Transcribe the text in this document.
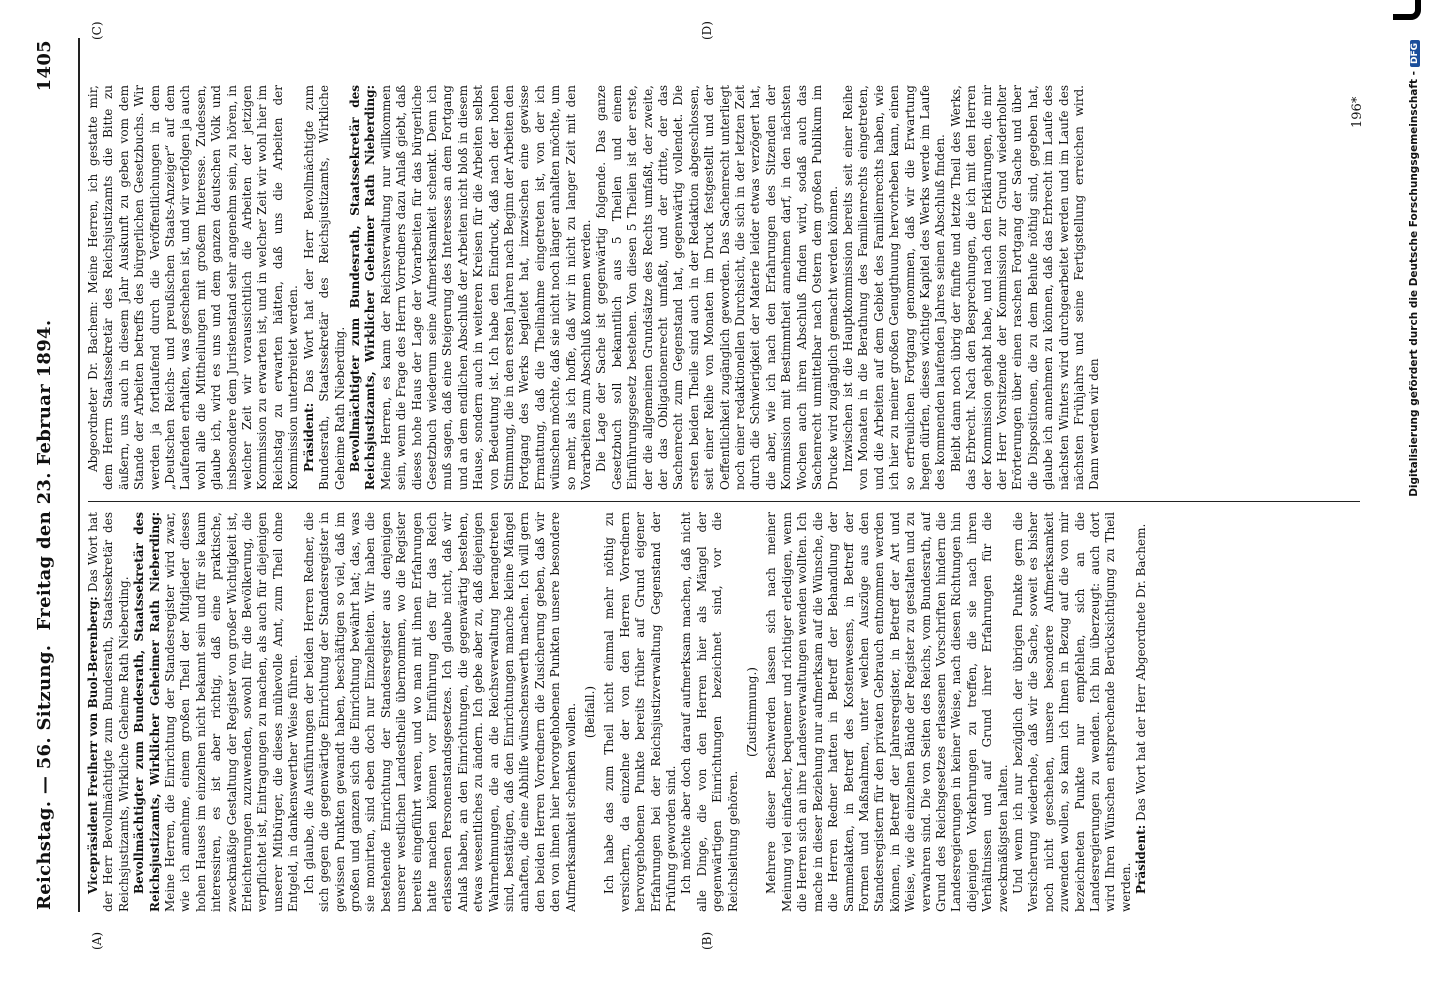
Reichstag. — 56. Sitzung.
Freitag den 23. Februar 1894.
1405
(A)	(B)
(C)	(D)

Vicepräsident Freiherr von Buol-Berenberg: Das Wort hat der Herr Bevollmächtigte zum Bundesrath, Staatssekretär des Reichsjustizamts, Wirkliche Geheime Rath Nieberding. Bevollmächtigter zum Bundesrath, Staatssekretär des Reichsjustizamts, Wirklicher Geheimer Rath Nieberding: Meine Herren, die Einrichtung der Standesregister wird zwar, wie ich annehme, einem großen Theil der Mitglieder dieses hohen Hauses im einzelnen nicht bekannt sein und für sie kaum interessiren, es ist aber richtig, daß eine praktische, zweckmäßige Gestaltung der Register von großer Wichtigkeit ist, Erleichterungen zuzuwenden, sowohl für die Bevölkerung, die verpflichtet ist, Eintragungen zu machen, als auch für diejenigen unserer Mitbürger, die dieses mühevolle Amt, zum Theil ohne Entgeld, in dankenswerther Weise führen. Ich glaube, die Ausführungen der beiden Herren Redner, die sich gegen die gegenwärtige Einrichtung der Standesregister in gewissen Punkten gewandt haben, beschäftigen so viel, daß im großen und ganzen sich die Einrichtung bewährt hat; das, was sie monirten, sind eben doch nur Einzelheiten. Wir haben die bestehende Einrichtung der Standesregister aus denjenigen unserer westlichen Landestheile übernommen, wo die Register bereits eingeführt waren, und wo man mit ihnen Erfahrungen hatte machen können vor Einführung des für das Reich erlassenen Personenstandsgesetzes. Ich glaube nicht, daß wir Anlaß haben, an den Einrichtungen, die gegenwärtig bestehen, etwas wesentliches zu ändern. Ich gebe aber zu, daß diejenigen Wahrnehmungen, die an die Reichsverwaltung herangetreten sind, bestätigen, daß den Einrichtungen manche kleine Mängel anhaften, die eine Abhilfe wünschenswerth machen. Ich will gern den beiden Herren Vorrednern die Zusicherung geben, daß wir den von ihnen hier hervorgehobenen Punkten unsere besondere Aufmerksamkeit schenken wollen. (Beifall.) Ich habe das zum Theil nicht einmal mehr nöthig zu versichern, da einzelne der von den Herren Vorrednern hervorgehobenen Punkte bereits früher auf Grund eigener Erfahrungen bei der Reichsjustizverwaltung Gegenstand der Prüfung geworden sind. Ich möchte aber doch darauf aufmerksam machen, daß nicht alle Dinge, die von den Herren hier als Mängel der gegenwärtigen Einrichtungen bezeichnet sind, vor die Reichsleitung gehören.

(Zustimmung.) Mehrere dieser Beschwerden lassen sich nach meiner Meinung viel einfacher, bequemer und richtiger erledigen, wenn die Herren sich an ihre Landesverwaltungen wenden wollten. Ich mache in dieser Beziehung nur aufmerksam auf die Wünsche, die die Herren Redner hatten in Betreff der Behandlung der Sammelakten, in Betreff des Kostenwesens, in Betreff der Formen und Maßnahmen, unter welchen Auszüge aus den Standesregistern für den privaten Gebrauch entnommen werden können, in Betreff der Jahresregister, in Betreff der Art und Weise, wie die einzelnen Bände der Register zu gestalten und zu verwahren sind. Die von Seiten des Reichs, vom Bundesrath, auf Grund des Reichsgesetzes erlassenen Vorschriften hindern die Landesregierungen in keiner Weise, nach diesen Richtungen hin diejenigen Vorkehrungen zu treffen, die sie nach ihren Verhältnissen und auf Grund ihrer Erfahrungen für die zweckmäßigsten halten. Und wenn ich nur bezüglich der übrigen Punkte gern die Versicherung wiederhole, daß wir die Sache, soweit es bisher noch nicht geschehen, unsere besondere Aufmerksamkeit zuwenden wollen, so kann ich Ihnen in Bezug auf die von mir bezeichneten Punkte nur empfehlen, sich an die Landesregierungen zu wenden. Ich bin überzeugt: auch dort wird Ihren Wünschen entsprechende Berücksichtigung zu Theil werden. Präsident: Das Wort hat der Herr Abgeordnete Dr. Bachem.

Abgeordneter Dr. Bachem: Meine Herren, ich gestatte mir, dem Herrn Staatssekretär des Reichsjustizamts die Bitte zu äußern, uns auch in diesem Jahr Auskunft zu geben vom dem Stande der Arbeiten betreffs des bürgerlichen Gesetzbuchs. Wir werden ja fortlaufend durch die Veröffentlichungen in dem „Deutschen Reichs- und preußischen Staats-Anzeiger“ auf dem Laufenden erhalten, was geschehen ist, und wir verfolgen ja auch wohl alle die Mittheilungen mit großem Interesse. Zudessen, glaube ich, wird es uns und dem ganzen deutschen Volk und insbesondere dem Juristenstand sehr angenehm sein, zu hören, in welcher Zeit wir voraussichtlich die Arbeiten der jetzigen Kommission zu erwarten ist, und in welcher Zeit wir wohl hier im Reichstag zu erwarten hätten, daß uns die Arbeiten der Kommission unterbreitet werden. Präsident: Das Wort hat der Herr Bevollmächtigte zum Bundesrath, Staatssekretär des Reichsjustizamts, Wirkliche Geheime Rath Nieberding. Bevollmächtigter zum Bundesrath, Staatssekretär des Reichsjustizamts, Wirklicher Geheimer Rath Nieberding: Meine Herren, es kann der Reichsverwaltung nur willkommen sein, wenn die Frage des Herrn Vorredners dazu Anlaß giebt, daß dieses hohe Haus der Lage der Vorarbeiten für das bürgerliche Gesetzbuch wiederum seine Aufmerksamkeit schenkt. Denn ich muß sagen, daß eine Steigerung des Interesses an dem Fortgang und an dem endlichen Abschluß der Arbeiten nicht bloß in diesem Hause, sondern auch in weiteren Kreisen für die Arbeiten selbst von Bedeutung ist. Ich habe den Eindruck, daß nach der hohen Stimmung, die in den ersten Jahren nach Beginn der Arbeiten den Fortgang des Werks begleitet hat, inzwischen eine gewisse Ermattung, daß die Theilnahme eingetreten ist, von der ich wünschen möchte, daß sie nicht noch länger anhalten möchte, um so mehr, als ich hoffe, daß wir in nicht zu langer Zeit mit den Vorarbeiten zum Abschluß kommen werden. Die Lage der Sache ist gegenwärtig folgende. Das ganze Gesetzbuch soll bekanntlich aus 5 Theilen und einem Einführungsgesetz bestehen. Von diesen 5 Theilen ist der erste, der die allgemeinen Grundsätze des Rechts umfaßt, der zweite, der das Obligationenrecht umfaßt, und der dritte, der das Sachenrecht zum Gegenstand hat, gegenwärtig vollendet. Die ersten beiden Theile sind auch in der Redaktion abgeschlossen, seit einer Reihe von Monaten im Druck festgestellt und der Oeffentlichkeit zugänglich geworden. Das Sachenrecht unterliegt noch einer redaktionellen Durchsicht, die sich in der letzten Zeit durch die Schwierigkeit der Materie leider etwas verzögert hat, die aber, wie ich nach den Erfahrungen des Sitzenden der Kommission mit Bestimmtheit annehmen darf, in den nächsten Wochen auch ihren Abschluß finden wird, sodaß auch das Sachenrecht unmittelbar nach Ostern dem großen Publikum im Drucke wird zugänglich gemacht werden können. Inzwischen ist die Hauptkommission bereits seit einer Reihe von Monaten in die Berathung des Familienrechts eingetreten, und die Arbeiten auf dem Gebiet des Familienrechts haben, wie ich hier zu meiner großen Genugthuung hervorheben kann, einen so erfreulichen Fortgang genommen, daß wir die Erwartung hegen dürfen, dieses wichtige Kapitel des Werks werde im Laufe des kommenden laufenden Jahres seinen Abschluß finden. Bleibt dann noch übrig der fünfte und letzte Theil des Werks, das Erbrecht. Nach den Besprechungen, die ich mit den Herren der Kommission gehabt habe, und nach den Erklärungen, die mir der Herr Vorsitzende der Kommission zur Grund wiederholter Erörterungen über einen raschen Fortgang der Sache und über die Dispositionen, die zu dem Behufe nöthig sind, gegeben hat, glaube ich annehmen zu können, daß das Erbrecht im Laufe des nächsten Winters wird durchgearbeitet werden und im Laufe des nächsten Frühjahrs und seine Fertigstellung erreichen wird. Dann werden wir den

196*	Digitalisierung gefördert durch die Deutsche Forschungsgemeinschaft -DFG
